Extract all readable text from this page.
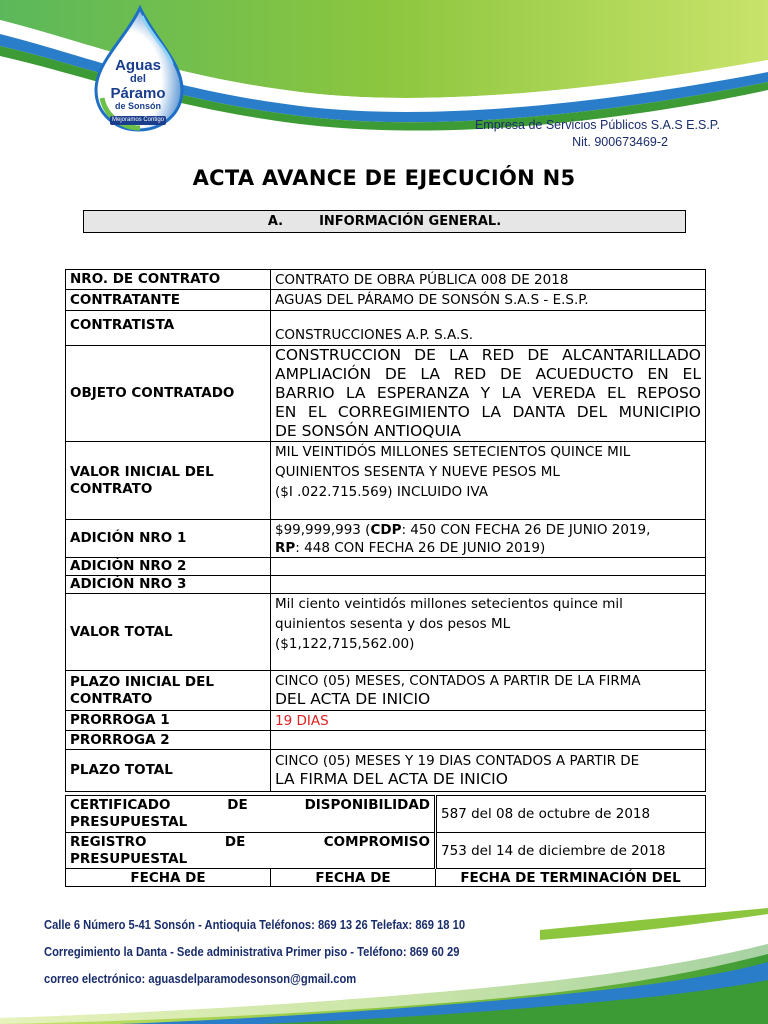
Aguas
del
Páramo
de Sonsón
Mejoramos Contigo	Empresa de Servicios Públicos S.A.S E.S.P.
Nit. 900673469-2
ACTA AVANCE DE EJECUCIÓN N5
A.	INFORMACIÓN GENERAL.
NRO. DE CONTRATO	CONTRATO DE OBRA PÚBLICA 008 DE 2018
CONTRATANTE	AGUAS DEL PÁRAMO DE SONSÓN S.A.S - E.S.P.
CONTRATISTA	CONSTRUCCIONES A.P. S.A.S.
OBJETO CONTRATADO	CONSTRUCCION DE LA RED DE ALCANTARILLADO
AMPLIACIÓN DE LA RED DE ACUEDUCTO EN EL
BARRIO LA ESPERANZA Y LA VEREDA EL REPOSO
EN EL CORREGIMIENTO LA DANTA DEL MUNICIPIO
DE SONSÓN ANTIOQUIA

VALOR INICIAL DEL CONTRATO	MIL VEINTIDÓS MILLONES SETECIENTOS QUINCE MIL
QUINIENTOS SESENTA Y NUEVE PESOS ML
($I .022.715.569) INCLUIDO IVA

ADICIÓN NRO 1	$99,999,993 (CDP: 450 CON FECHA 26 DE JUNIO 2019,
RP: 448 CON FECHA 26 DE JUNIO 2019)
ADICIÓN NRO 2	
ADICIÓN NRO 3	
VALOR TOTAL	Mil ciento veintidós millones setecientos quince mil
quinientos sesenta y dos pesos ML
($1,122,715,562.00)

PLAZO INICIAL DEL CONTRATO	CINCO (05) MESES, CONTADOS A PARTIR DE LA FIRMA
DEL ACTA DE INICIO

PRORROGA 1	19 DIAS
PRORROGA 2	
PLAZO TOTAL	CINCO (05) MESES Y 19 DIAS CONTADOS A PARTIR DE
LA FIRMA DEL ACTA DE INICIO
CERTIFICADO DE DISPONIBILIDAD
PRESUPUESTAL		587 del 08 de octubre de 2018

REGISTRO DE COMPROMISO
PRESUPUESTAL		753 del 14 de diciembre de 2018
FECHA DE	FECHA DE	FECHA DE TERMINACIÓN DEL
Calle 6 Número 5-41 Sonsón - Antioquia Teléfonos: 869 13 26 Telefax: 869 18 10
Corregimiento la Danta - Sede administrativa Primer piso - Teléfono: 869 60 29
correo electrónico: aguasdelparamodesonson@gmail.com
